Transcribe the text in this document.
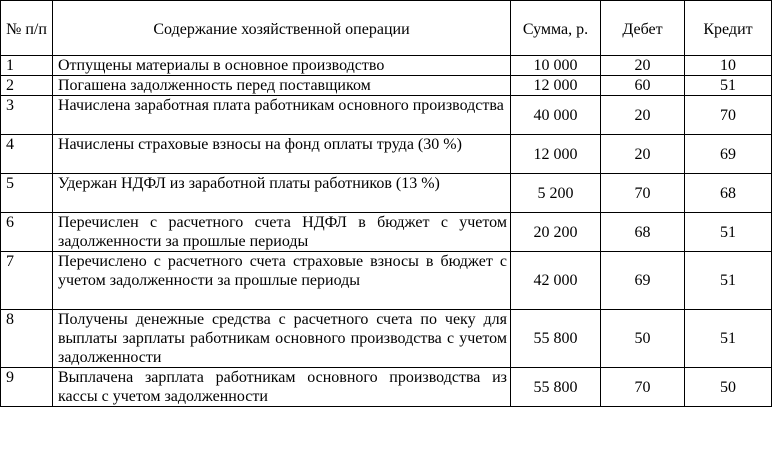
№ п/п	Содержание хозяйственной операции	Сумма, р.	Дебет	Кредит
1	Отпущены материалы в основное производство	10 000	20	10
2	Погашена задолженность перед поставщиком	12 000	60	51
3	Начислена заработная плата работникам основного производства	40 000	20	70
4	Начислены страховые взносы на фонд оплаты труда (30 %)	12 000	20	69
5	Удержан НДФЛ из заработной платы работников (13 %)	5 200	70	68
6	Перечислен с расчетного счета НДФЛ в бюджет с учетом задолженности за прошлые периоды	20 200	68	51
7	Перечислено с расчетного счета страховые взносы в бюджет с учетом задолженности за прошлые периоды	42 000	69	51
8	Получены денежные средства с расчетного счета по чеку для выплаты зарплаты работникам основного производства с учетом задолженности	55 800	50	51
9	Выплачена зарплата работникам основного производства из кассы с учетом задолженности	55 800	70	50
